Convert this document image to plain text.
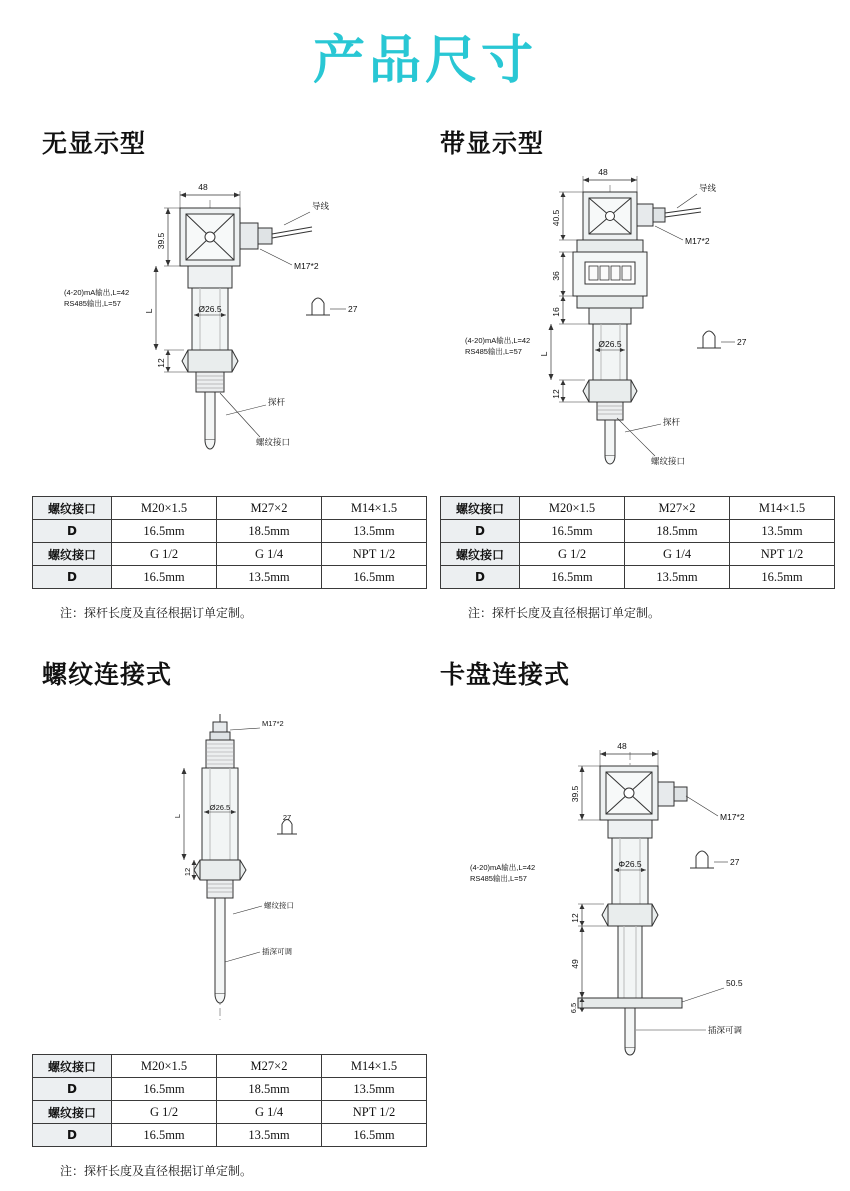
产品尺寸
无显示型	带显示型
螺纹连接式	卡盘连接式
48
39.5
L
12
导线
M17*2
Ø26.5	27
探杆
螺纹接口
(4-20)mA输出,L=42
RS485输出,L=57
48
40.5
36
16
L
12
导线
M17*2
Ø26.5	27
探杆
螺纹接口
(4-20)mA输出,L=42
RS485输出,L=57
M17*2
Ø26.5
27
L
12
螺纹接口
插深可调
48
39.5
12
49
6.5
M17*2
Φ26.5	27
50.5
插深可调
(4-20)mA输出,L=42
RS485输出,L=57
螺纹接口	M20×1.5	M27×2	M14×1.5
D	16.5mm	18.5mm	13.5mm
螺纹接口	G 1/2	G 1/4	NPT 1/2
D	16.5mm	13.5mm	16.5mm
注：探杆长度及直径根据订单定制。
螺纹接口	M20×1.5	M27×2	M14×1.5
D	16.5mm	18.5mm	13.5mm
螺纹接口	G 1/2	G 1/4	NPT 1/2
D	16.5mm	13.5mm	16.5mm
注：探杆长度及直径根据订单定制。
螺纹接口	M20×1.5	M27×2	M14×1.5
D	16.5mm	18.5mm	13.5mm
螺纹接口	G 1/2	G 1/4	NPT 1/2
D	16.5mm	13.5mm	16.5mm
注：探杆长度及直径根据订单定制。
